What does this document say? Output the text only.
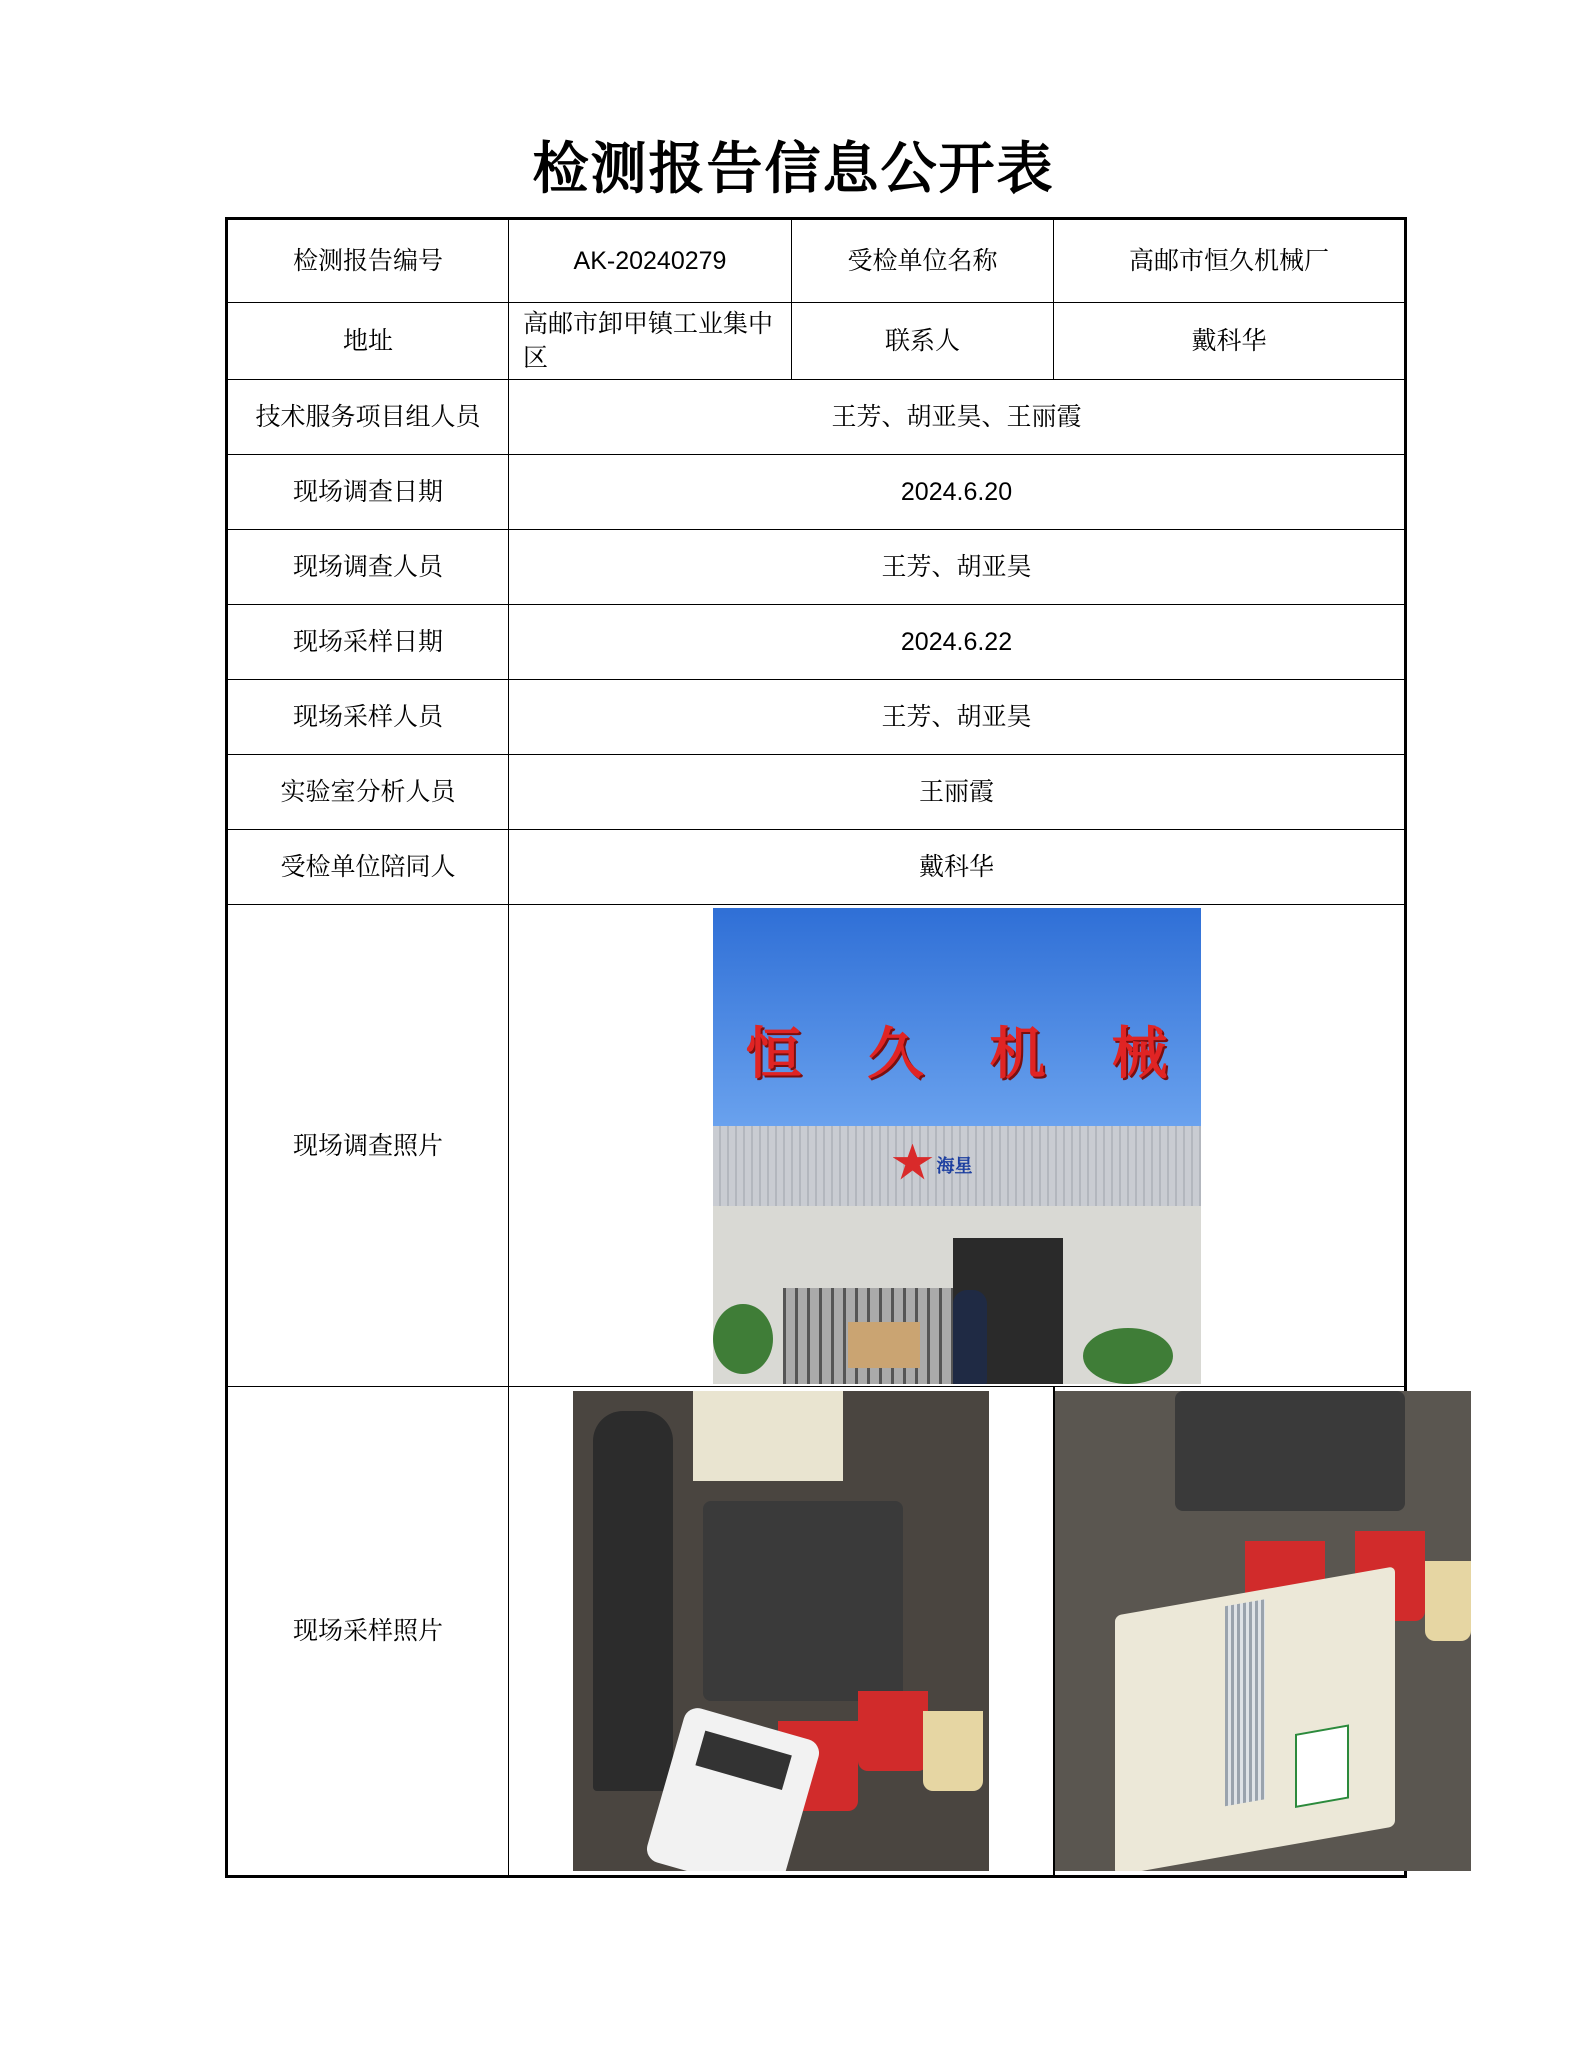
检测报告信息公开表
检测报告编号	AK-20240279	受检单位名称	高邮市恒久机械厂
地址	高邮市卸甲镇工业集中区	联系人	戴科华
技术服务项目组人员	王芳、胡亚昊、王丽霞		
现场调查日期	2024.6.20		
现场调查人员	王芳、胡亚昊		
现场采样日期	2024.6.22		
现场采样人员	王芳、胡亚昊		
实验室分析人员	王丽霞		
受检单位陪同人	戴科华		
现场调查照片	恒 久 机 械
海星		

现场采样照片		
